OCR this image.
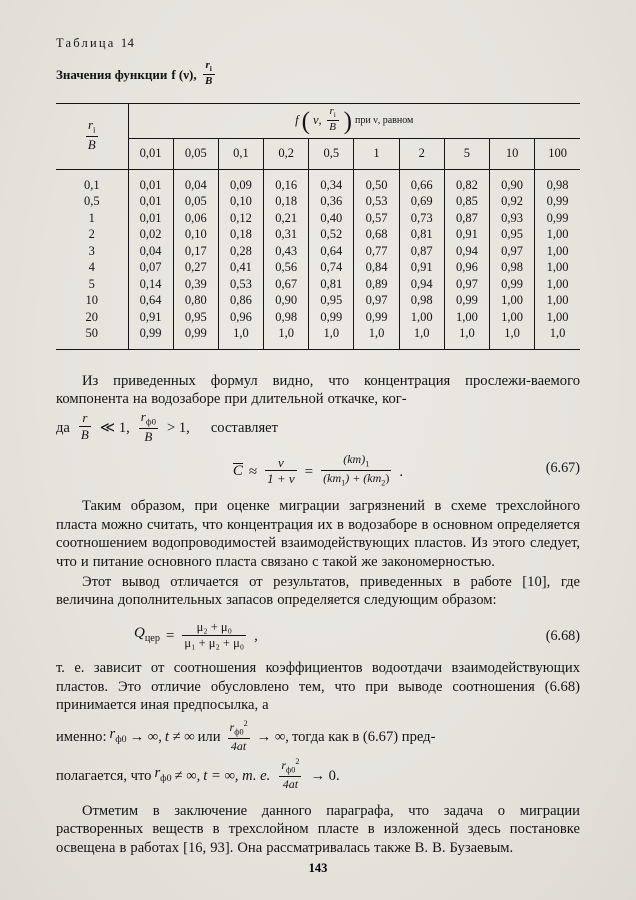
Таблица 14
Значения функции f (ν), $\frac{r_i}{B}$

$\frac{r_i}{B}$	f ( ν, $\frac{r_i}{B}$ ) при ν, равном

	0,01	0,05	0,1	0,2	0,5	1	2	5	10	100

0,1	0,01	0,04	0,09	0,16	0,34	0,50	0,66	0,82	0,90	0,98
0,5	0,01	0,05	0,10	0,18	0,36	0,53	0,69	0,85	0,92	0,99
1	0,01	0,06	0,12	0,21	0,40	0,57	0,73	0,87	0,93	0,99
2	0,02	0,10	0,18	0,31	0,52	0,68	0,81	0,91	0,95	1,00
3	0,04	0,17	0,28	0,43	0,64	0,77	0,87	0,94	0,97	1,00
4	0,07	0,27	0,41	0,56	0,74	0,84	0,91	0,96	0,98	1,00
5	0,14	0,39	0,53	0,67	0,81	0,89	0,94	0,97	0,99	1,00
10	0,64	0,80	0,86	0,90	0,95	0,97	0,98	0,99	1,00	1,00
20	0,91	0,95	0,96	0,98	0,99	0,99	1,00	1,00	1,00	1,00
50	0,99	0,99	1,0	1,0	1,0	1,0	1,0	1,0	1,0	1,0

Из приведенных формул видно, что концентрация прослежи-ваемого компонента на водозаборе при длительной откачке, ког-

да $\frac{r}{B}$ ≪ 1, $\frac{r_{ф0}}{B} > 1$, составляет
$C \approx \frac{\nu}{1 + \nu} = \frac{(km)_1}{(km_1) + (km_2)}$ .	(6.67)

Таким образом, при оценке миграции загрязнений в схеме трехслойного пласта можно считать, что концентрация их в водозаборе в основном определяется соотношением водопроводимостей взаимодействующих пластов. Из этого следует, что и питание основного пласта связано с такой же закономерностью.

Этот вывод отличается от результатов, приведенных в работе [10], где величина дополнительных запасов определяется следующим образом:

$Q_{цер} = \frac{\text{μ₂ + μ₀}}{\text{μ₁ + μ₂ + μ₀}}$ ,	(6.68)

т. е. зависит от соотношения коэффициентов водоотдачи взаимодействующих пластов. Это отличие обусловлено тем, что при выводе соотношения (6.68) принимается иная предпосылка, а

именно: $r_{ф0}$ → ∞, t ≠ ∞ или $\frac{r_{ф0}^2}{4at}$ → ∞, тогда как в (6.67) пред-
полагается, что $r_{ф0}$ ≠ ∞, t = ∞, т. е. $\frac{r_{ф0}^2}{4at} \to 0$.

Отметим в заключение данного параграфа, что задача о миграции растворенных веществ в трехслойном пласте в изложенной здесь постановке освещена в работах [16, 93]. Она рассматривалась также В. В. Бузаевым.

143
